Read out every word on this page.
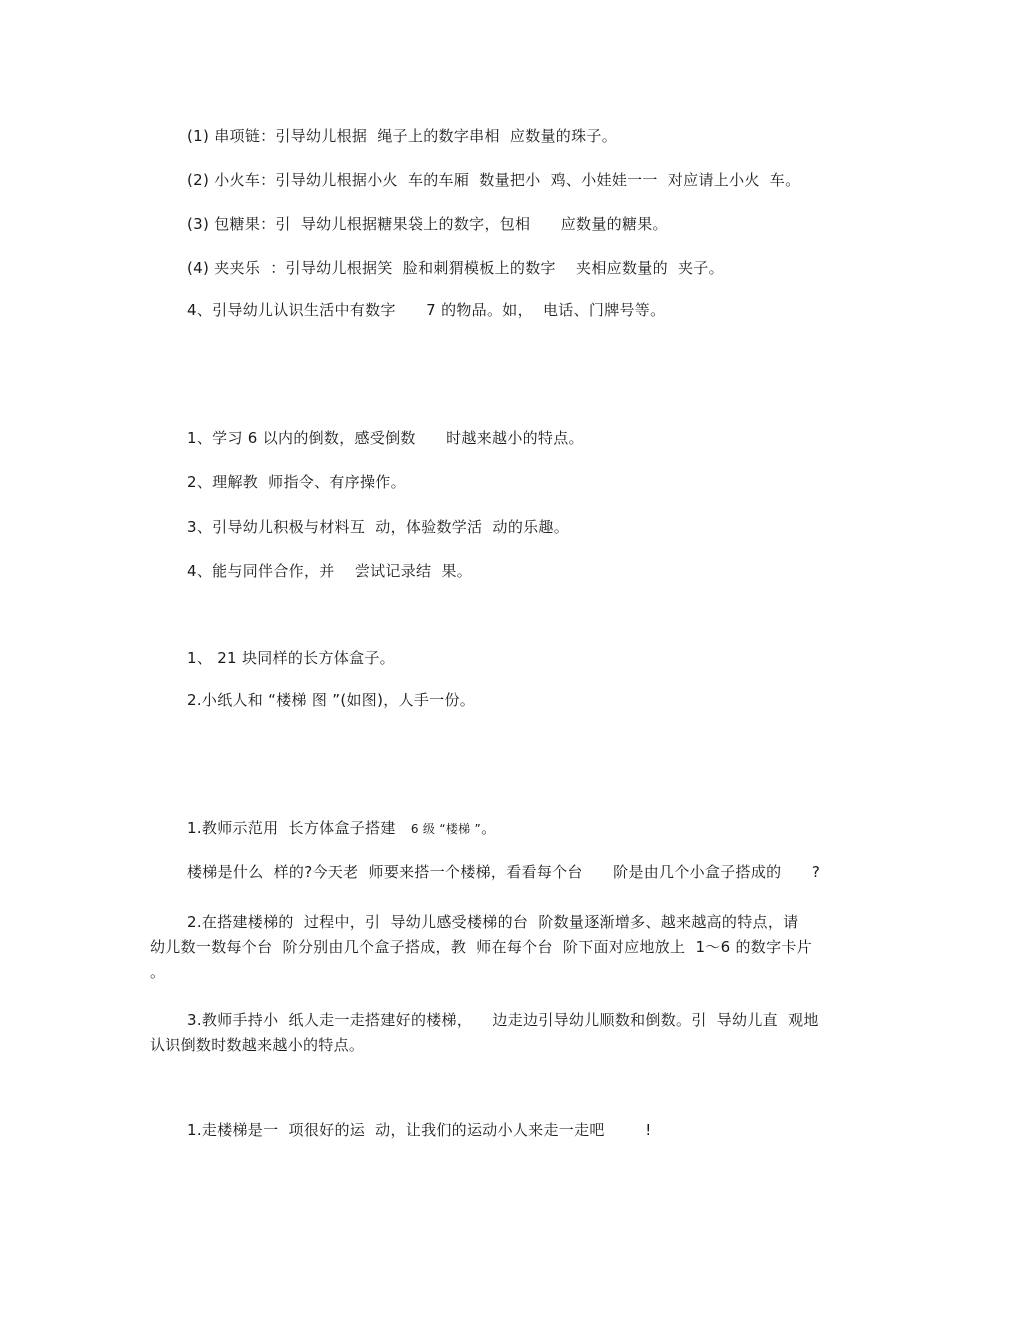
(1) 串项链：引导幼儿根据  绳子上的数字串相  应数量的珠子。
(2) 小火车：引导幼儿根据小火  车的车厢  数量把小  鸡、小娃娃一一  对应请上小火  车。
(3) 包糖果：引  导幼儿根据糖果袋上的数字，包相      应数量的糖果。
(4) 夹夹乐  ：引导幼儿根据笑  脸和刺猬模板上的数字    夹相应数量的  夹子。
4、引导幼儿认识生活中有数字      7 的物品。如，  电话、门牌号等。
1、学习 6 以内的倒数，感受倒数      时越来越小的特点。
2、理解教  师指令、有序操作。
3、引导幼儿积极与材料互  动，体验数学活  动的乐趣。
4、能与同伴合作，并    尝试记录结  果。
1、 21 块同样的长方体盒子。
2.小纸人和 “楼梯 图 ”(如图)，人手一份。
1.教师示范用  长方体盒子搭建   6 级 “楼梯 ”。
楼梯是什么  样的?今天老  师要来搭一个楼梯，看看每个台      阶是由几个小盒子搭成的      ?
2.在搭建楼梯的  过程中，引  导幼儿感受楼梯的台  阶数量逐渐增多、越来越高的特点，请
幼儿数一数每个台  阶分别由几个盒子搭成，教  师在每个台  阶下面对应地放上  1～6 的数字卡片
。
3.教师手持小  纸人走一走搭建好的楼梯，    边走边引导幼儿顺数和倒数。引  导幼儿直  观地
认识倒数时数越来越小的特点。
1.走楼梯是一  项很好的运  动，让我们的运动小人来走一走吧        !
